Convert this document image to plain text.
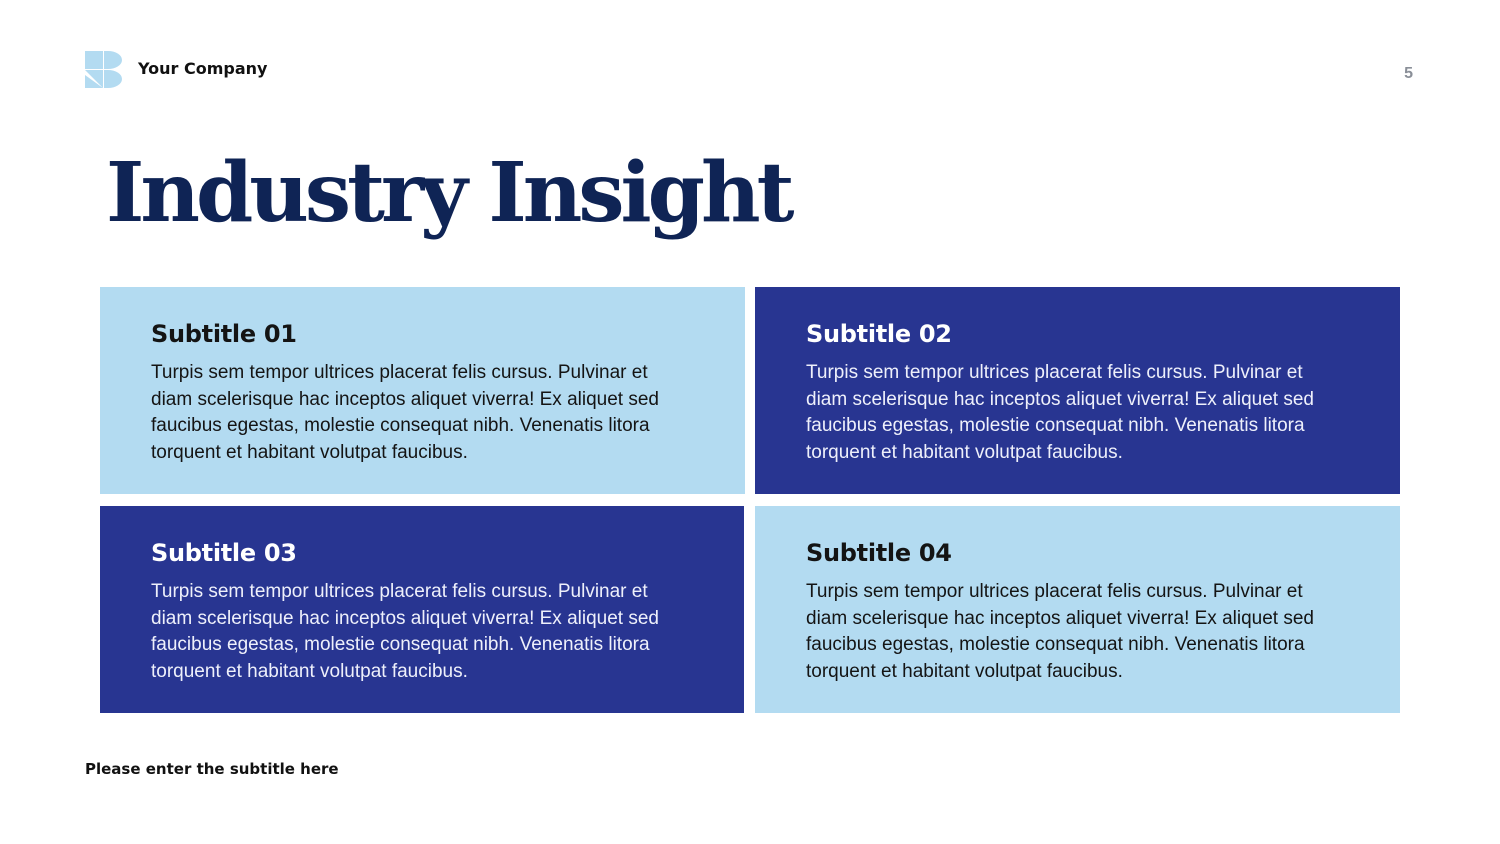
Your Company	5
Industry Insight
Subtitle 01

Turpis sem tempor ultrices placerat felis cursus. Pulvinar et diam scelerisque hac inceptos aliquet viverra! Ex aliquet sed faucibus egestas, molestie consequat nibh. Venenatis litora torquent et habitant volutpat faucibus.

Subtitle 02

Turpis sem tempor ultrices placerat felis cursus. Pulvinar et diam scelerisque hac inceptos aliquet viverra! Ex aliquet sed faucibus egestas, molestie consequat nibh. Venenatis litora torquent et habitant volutpat faucibus.

Subtitle 03

Turpis sem tempor ultrices placerat felis cursus. Pulvinar et diam scelerisque hac inceptos aliquet viverra! Ex aliquet sed faucibus egestas, molestie consequat nibh. Venenatis litora torquent et habitant volutpat faucibus.

Subtitle 04

Turpis sem tempor ultrices placerat felis cursus. Pulvinar et diam scelerisque hac inceptos aliquet viverra! Ex aliquet sed faucibus egestas, molestie consequat nibh. Venenatis litora torquent et habitant volutpat faucibus.

Please enter the subtitle here
